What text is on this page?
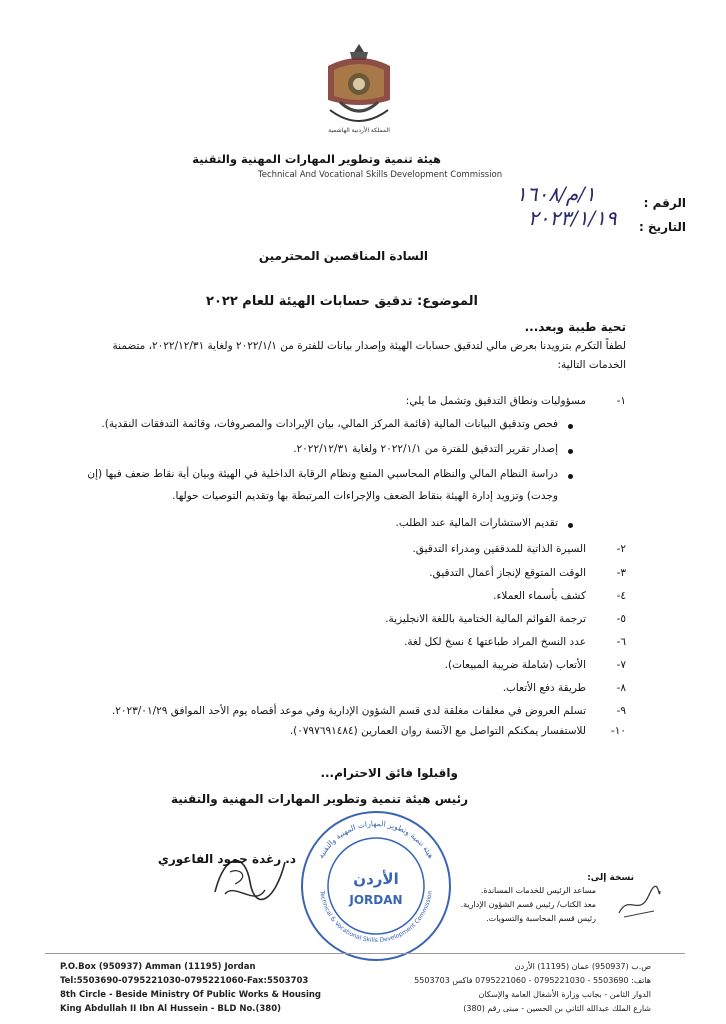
المملكة الأردنية الهاشمية
هيئة تنمية وتطوير المهارات المهنية والتقنية
Technical And Vocational Skills Development Commission
الرقم :
١/م/١٦٠٨
التاريخ :
٢٠٢٣/١/١٩
السادة المناقصين المحترمين
الموضوع: تدقيق حسابات الهيئة للعام ٢٠٢٢
تحية طيبة وبعد...
لطفاً التكرم بتزويدنا بعرض مالي لتدقيق حسابات الهيئة وإصدار بيانات للفترة من ٢٠٢٢/١/١ ولغاية ٢٠٢٢/١٢/٣١، متضمنة
الخدمات التالية:
-١
مسؤوليات ونطاق التدقيق وتشمل ما يلي:
فحص وتدقيق البيانات المالية (قائمة المركز المالي، بيان الإيرادات والمصروفات، وقائمة التدفقات النقدية).
إصدار تقرير التدقيق للفترة من ٢٠٢٢/١/١ ولغاية ٢٠٢٢/١٢/٣١.
دراسة النظام المالي والنظام المحاسبي المتبع ونظام الرقابة الداخلية في الهيئة وبيان أية نقاط ضعف فيها (إن
وجدت) وتزويد إدارة الهيئة بنقاط الضعف والإجراءات المرتبطة بها وتقديم التوصيات حولها.
تقديم الاستشارات المالية عند الطلب.
-٢
السيرة الذاتية للمدققين ومدراء التدقيق.
-٣
الوقت المتوقع لإنجاز أعمال التدقيق.
-٤
كشف بأسماء العملاء.
-٥
ترجمة القوائم المالية الختامية باللغة الانجليزية.
-٦
عدد النسخ المراد طباعتها ٤ نسخ لكل لغة.
-٧
الأتعاب (شاملة ضريبة المبيعات).
-٨
طريقة دفع الأتعاب.
-٩
تسلم العروض في مغلفات مغلقة لدى قسم الشؤون الإدارية وفي موعد أقصاه يوم الأحد الموافق ٢٠٢٣/٠١/٢٩.
-١٠
للاستفسار يمكنكم التواصل مع الآنسة روان العمارين (٠٧٩٧٦٩١٤٨٤).
واقبلوا فائق الاحترام...
رئيس هيئة تنمية وتطوير المهارات المهنية والتقنية
د. رغدة حمود الفاعوري	هيئة تنمية وتطوير المهارات المهنية والتقنية
Technical & Vocational Skills Development Commission
الأردن
JORDAN
نسخة إلى:
مساعد الرئيس للخدمات المساندة.
معد الكتاب/ رئيس قسم الشؤون الإدارية.
رئيس قسم المحاسبة والتسويات.
P.O.Box (950937) Amman (11195) Jordan
Tel:5503690-0795221030-0795221060-Fax:5503703
8th Circle - Beside Ministry Of Public Works & Housing
King Abdullah II Ibn Al Hussein - BLD No.(380)
ص.ب (950937) عمان (11195) الأردن
هاتف: 5503690 - 0795221030 - 0795221060 فاكس 5503703
الدوار الثامن - بجانب وزارة الأشغال العامة والإسكان
شارع الملك عبدالله الثاني بن الحسين - مبنى رقم (380)
